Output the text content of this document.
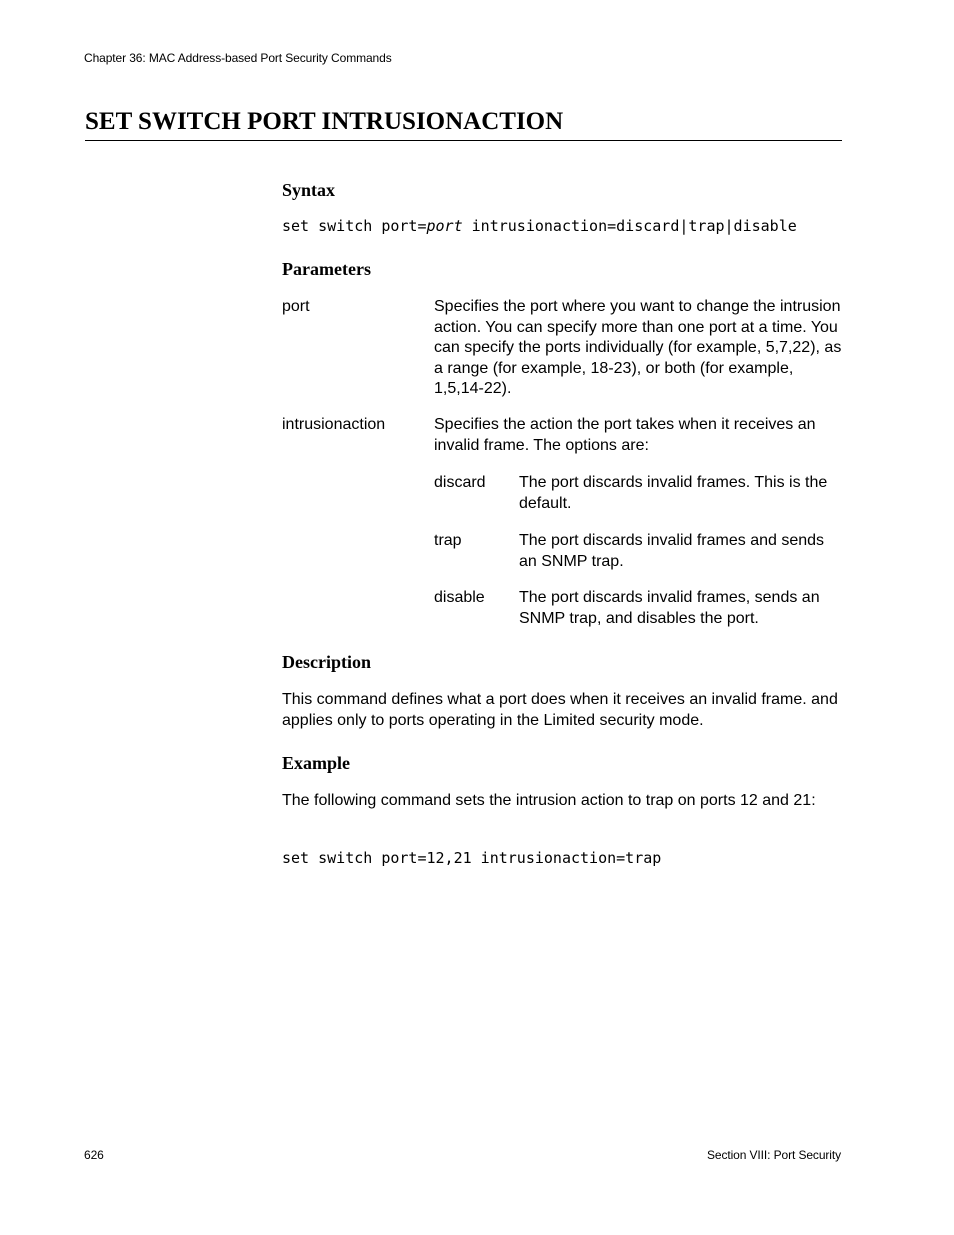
Chapter 36: MAC Address-based Port Security Commands
SET SWITCH PORT INTRUSIONACTION
Syntax
set switch port=port intrusionaction=discard|trap|disable
Parameters
port	Specifies the port where you want to change the intrusion action. You can specify more than one port at a time. You can specify the ports individually (for example, 5,7,22), as a range (for example, 18-23), or both (for example, 1,5,14-22).
intrusionaction	Specifies the action the port takes when it receives an invalid frame. The options are:
discard The port discards invalid frames. This is the default.
trap	The port discards invalid frames and sends an SNMP trap.
disable The port discards invalid frames, sends an SNMP trap, and disables the port.
Description
This command defines what a port does when it receives an invalid frame. and applies only to ports operating in the Limited security mode.
Example
The following command sets the intrusion action to trap on ports 12 and 21:
set switch port=12,21 intrusionaction=trap
626	Section VIII: Port Security
